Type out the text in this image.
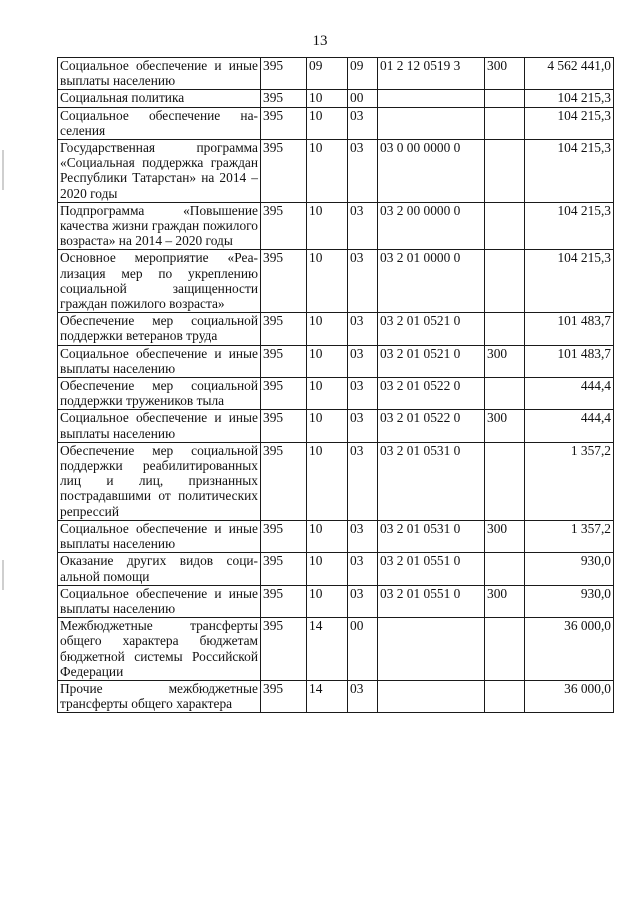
13
Социальное обеспечение и иные выплаты населению	395	09	09	01 2 12 0519 3	300	4 562 441,0
Социальная политика	395	10	00			104 215,3
Социальное обеспечение населения	395	10	03			104 215,3
Государственная программа «Социальная поддержка граждан Республики Татарстан» на 2014 – 2020 годы	395	10	03	03 0 00 0000 0		104 215,3
Подпрограмма «Повышение качества жизни граждан пожилого возраста» на 2014 – 2020 годы	395	10	03	03 2 00 0000 0		104 215,3
Основное мероприятие «Реализация мер по укреплению социальной защищенности граждан пожилого возраста»	395	10	03	03 2 01 0000 0		104 215,3
Обеспечение мер социальной поддержки ветеранов труда	395	10	03	03 2 01 0521 0		101 483,7
Социальное обеспечение и иные выплаты населению	395	10	03	03 2 01 0521 0	300	101 483,7
Обеспечение мер социальной поддержки тружеников тыла	395	10	03	03 2 01 0522 0		444,4
Социальное обеспечение и иные выплаты населению	395	10	03	03 2 01 0522 0	300	444,4
Обеспечение мер социальной поддержки реабилитированных лиц и лиц, признанных пострадавшими от политических репрессий	395	10	03	03 2 01 0531 0		1 357,2
Социальное обеспечение и иные выплаты населению	395	10	03	03 2 01 0531 0	300	1 357,2
Оказание других видов социальной помощи	395	10	03	03 2 01 0551 0		930,0
Социальное обеспечение и иные выплаты населению	395	10	03	03 2 01 0551 0	300	930,0
Межбюджетные трансферты общего характера бюджетам бюджетной системы Российской Федерации	395	14	00			36 000,0
Прочие межбюджетные трансферты общего характера	395	14	03			36 000,0
